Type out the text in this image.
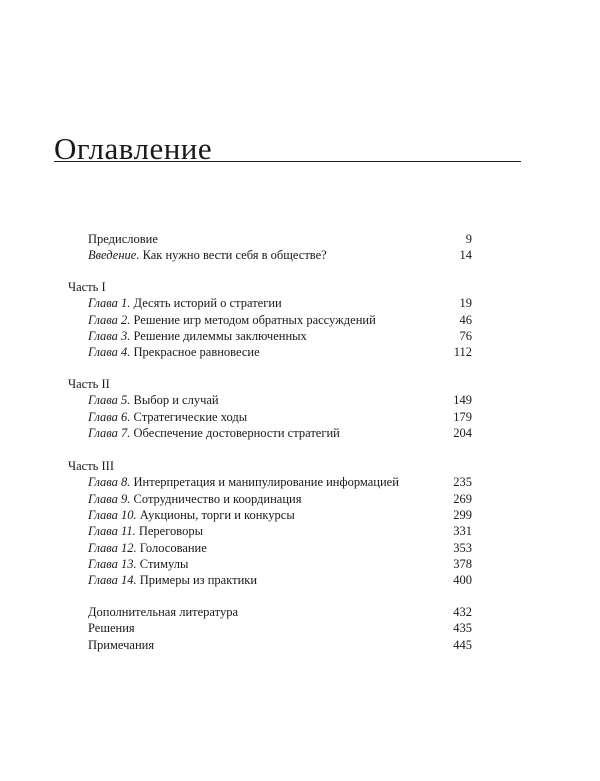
Оглавление
Предисловие	9
Введение. Как нужно вести себя в обществе?	14
Часть I
Глава 1. Десять историй о стратегии	19
Глава 2. Решение игр методом обратных рассуждений	46
Глава 3. Решение дилеммы заключенных	76
Глава 4. Прекрасное равновесие	112
Часть II
Глава 5. Выбор и случай	149
Глава 6. Стратегические ходы	179
Глава 7. Обеспечение достоверности стратегий	204
Часть III
Глава 8. Интерпретация и манипулирование информацией	235
Глава 9. Сотрудничество и координация	269
Глава 10. Аукционы, торги и конкурсы	299
Глава 11. Переговоры	331
Глава 12. Голосование	353
Глава 13. Стимулы	378
Глава 14. Примеры из практики	400
Дополнительная литература	432
Решения	435
Примечания	445
